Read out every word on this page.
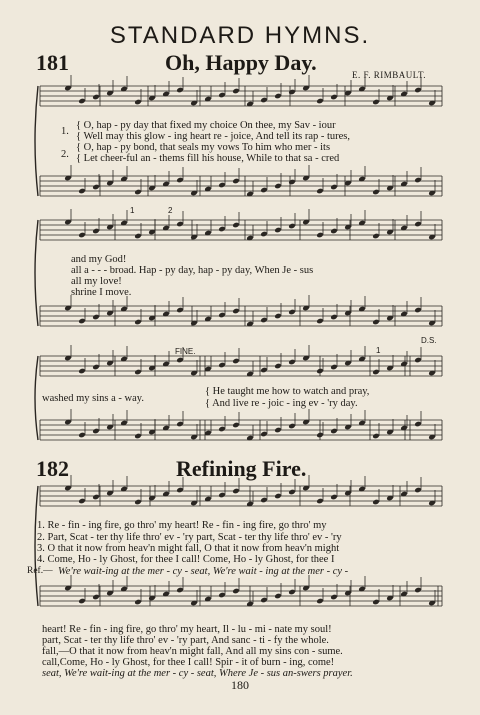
STANDARD HYMNS.
181	Oh, Happy Day.	E. F. RIMBAULT.
1.
2.
{ O, hap - py day that fixed my choice On thee, my Sav - iour
{ Well may this glow - ing heart re - joice, And tell its rap - tures,
{ O, hap - py bond, that seals my vows To him who mer - its
{ Let cheer-ful an - thems fill his house, While to that sa - cred
and my God!
all a - - - broad. Hap - py day, hap - py day, When Je - sus
all my love!
shrine I move.
1	2
FINE.
D.S.
1
washed my sins a - way.
{ He taught me how to watch and pray,
{ And live re - joic - ing ev - 'ry day.
182	Refining Fire.
1. Re - fin - ing fire, go thro' my heart! Re - fin - ing fire, go thro' my
2. Part, Scat - ter thy life thro' ev - 'ry part, Scat - ter thy life thro' ev - 'ry
3. O that it now from heav'n might fall, O that it now from heav'n might
4. Come, Ho - ly Ghost, for thee I call! Come, Ho - ly Ghost, for thee I
Ref.— We're wait-ing at the mer - cy - seat, We're wait - ing at the mer - cy -
heart! Re - fin - ing fire, go thro' my heart, Il - lu - mi - nate my soul!
part, Scat - ter thy life thro' ev - 'ry part, And sanc - ti - fy the whole.
fall,—O that it now from heav'n might fall, And all my sins con - sume.
call,Come, Ho - ly Ghost, for thee I call! Spir - it of burn - ing, come!
seat, We're wait-ing at the mer - cy - seat, Where Je - sus an-swers prayer.
180
